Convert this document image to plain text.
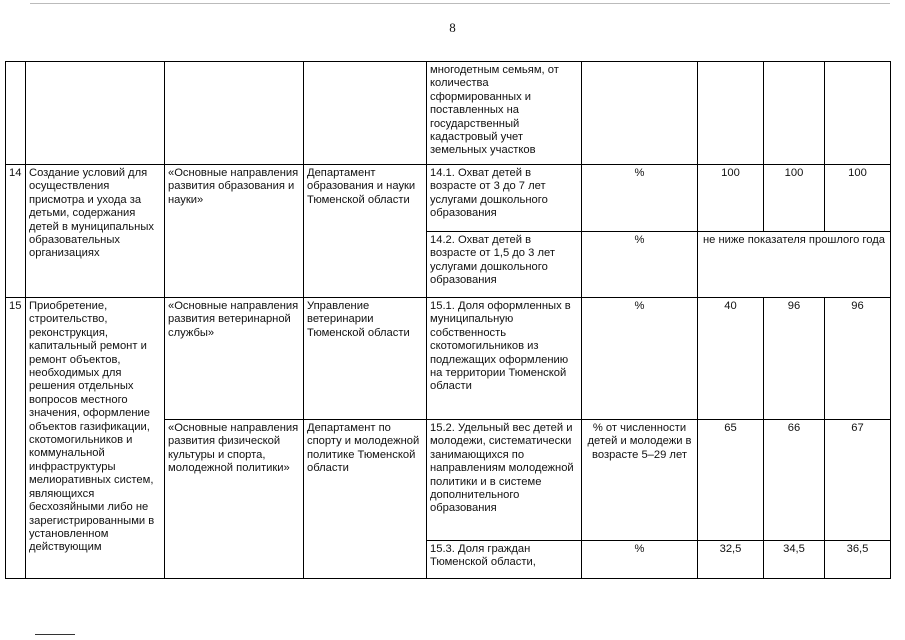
8
				многодетным семьям, от количества сформированных и поставленных на государственный кадастровый учет земельных участков				
14	Создание условий для осуществления присмотра и ухода за детьми, содержания детей в муниципальных образовательных организациях	«Основные направления развития образования и науки»	Департамент образования и науки Тюменской области	14.1. Охват детей в возрасте от 3 до 7 лет услугами дошкольного образования	%	100	100	100
				14.2. Охват детей в возрасте от 1,5 до 3 лет услугами дошкольного образования	%	не ниже показателя прошлого года		
15	Приобретение, строительство, реконструкция, капитальный ремонт и ремонт объектов, необходимых для решения отдельных вопросов местного значения, оформление объектов газификации, скотомогильников и коммунальной инфраструктуры мелиоративных систем, являющихся бесхозяйными либо не зарегистрированными в установленном действующим	«Основные направления развития ветеринарной службы»	Управление ветеринарии Тюменской области	15.1. Доля оформленных в муниципальную собственность скотомогильников из подлежащих оформлению на территории Тюменской области	%	40	96	96
		«Основные направления развития физической культуры и спорта, молодежной политики»	Департамент по спорту и молодежной политике Тюменской области	15.2. Удельный вес детей и молодежи, систематически занимающихся по направлениям молодежной политики и в системе дополнительного образования	% от численности детей и молодежи в возрасте 5–29 лет	65	66	67
				15.3. Доля граждан Тюменской области,	%	32,5	34,5	36,5
